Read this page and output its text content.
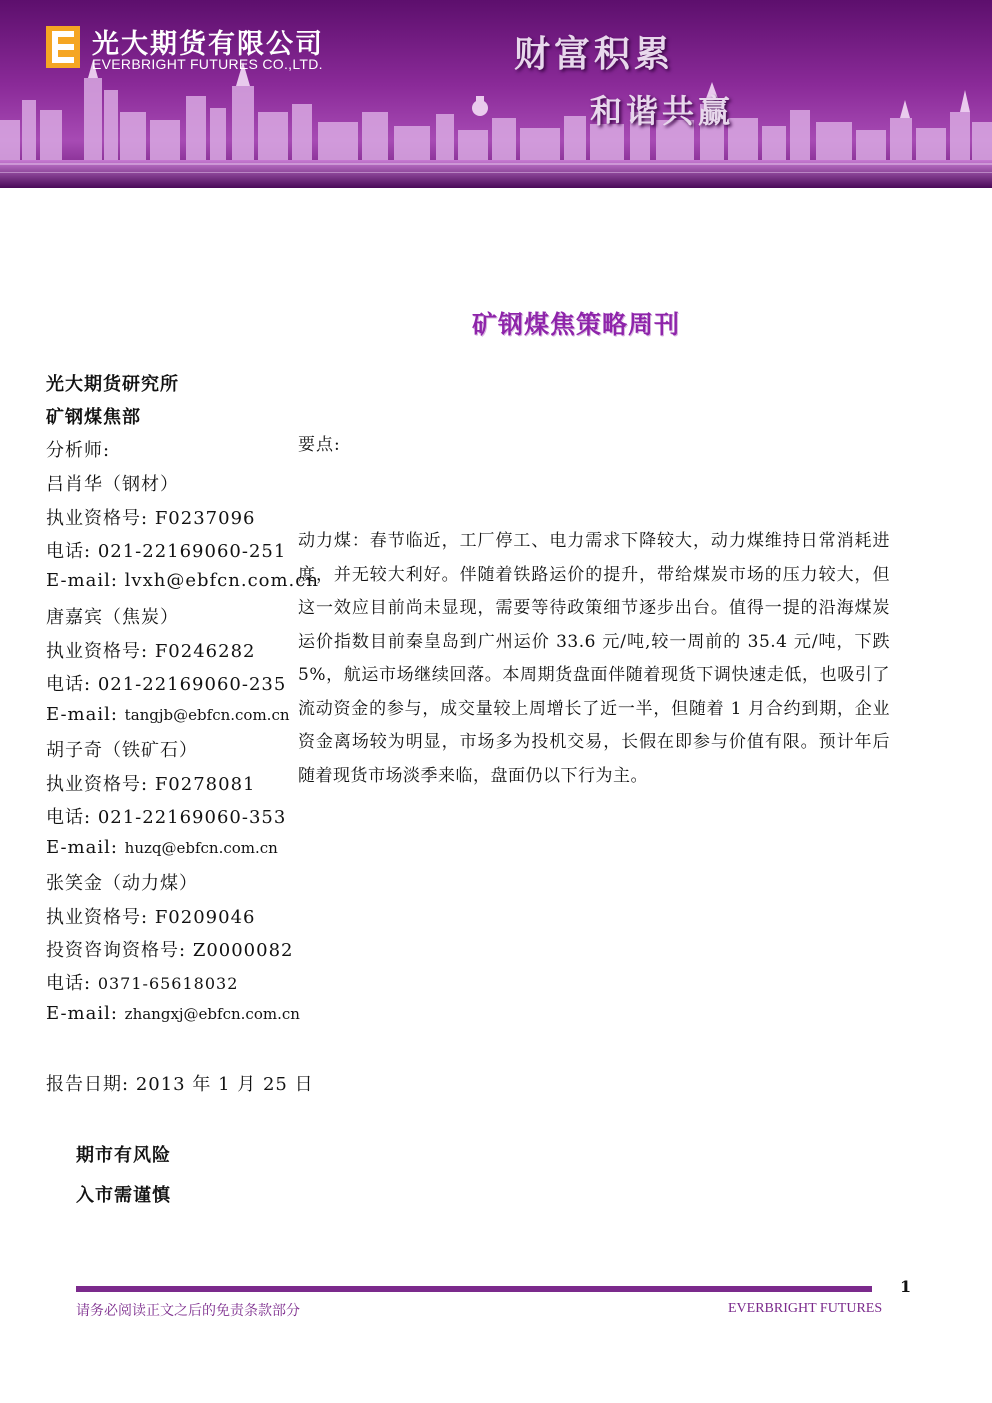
光大期货有限公司
EVERBRIGHT FUTURES CO.,LTD.	财富积累
和谐共赢
矿钢煤焦策略周刊
光大期货研究所
矿钢煤焦部
分析师:
吕肖华（钢材）
执业资格号: F0237096
电话: 021-22169060-251
E-mail: lvxh@ebfcn.com.cn
唐嘉宾（焦炭）
执业资格号: F0246282
电话: 021-22169060-235
E-mail: tangjb@ebfcn.com.cn
胡子奇（铁矿石）
执业资格号: F0278081
电话: 021-22169060-353
E-mail: huzq@ebfcn.com.cn
张笑金（动力煤）
执业资格号: F0209046
投资咨询资格号: Z0000082
电话: 0371-65618032
E-mail: zhangxj@ebfcn.com.cn
报告日期: 2013 年 1 月 25 日
期市有风险
入市需谨慎
要点:
动力煤：春节临近，工厂停工、电力需求下降较大，动力煤维持日常消耗进度，并无较大利好。伴随着铁路运价的提升，带给煤炭市场的压力较大，但这一效应目前尚未显现，需要等待政策细节逐步出台。值得一提的沿海煤炭运价指数目前秦皇岛到广州运价 33.6 元/吨,较一周前的 35.4 元/吨，下跌 5%，航运市场继续回落。本周期货盘面伴随着现货下调快速走低，也吸引了流动资金的参与，成交量较上周增长了近一半，但随着 1 月合约到期，企业资金离场较为明显，市场多为投机交易，长假在即参与价值有限。预计年后随着现货市场淡季来临，盘面仍以下行为主。
1
请务必阅读正文之后的免责条款部分	EVERBRIGHT FUTURES
